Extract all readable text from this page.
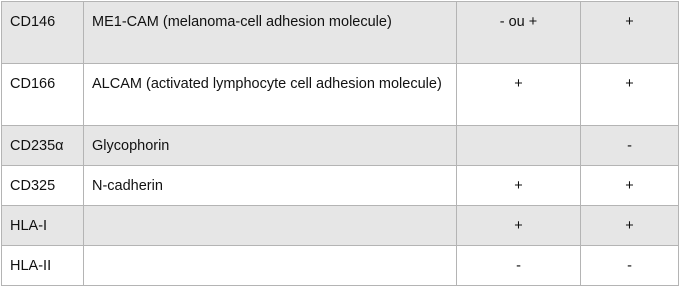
CD146	ME1-CAM (melanoma-cell adhesion molecule)	- ou +	+
CD166	ALCAM (activated lymphocyte cell adhesion molecule)	+	+
CD235α	Glycophorin		-
CD325	N-cadherin	+	+
HLA-I		+	+
HLA-II		-	-
